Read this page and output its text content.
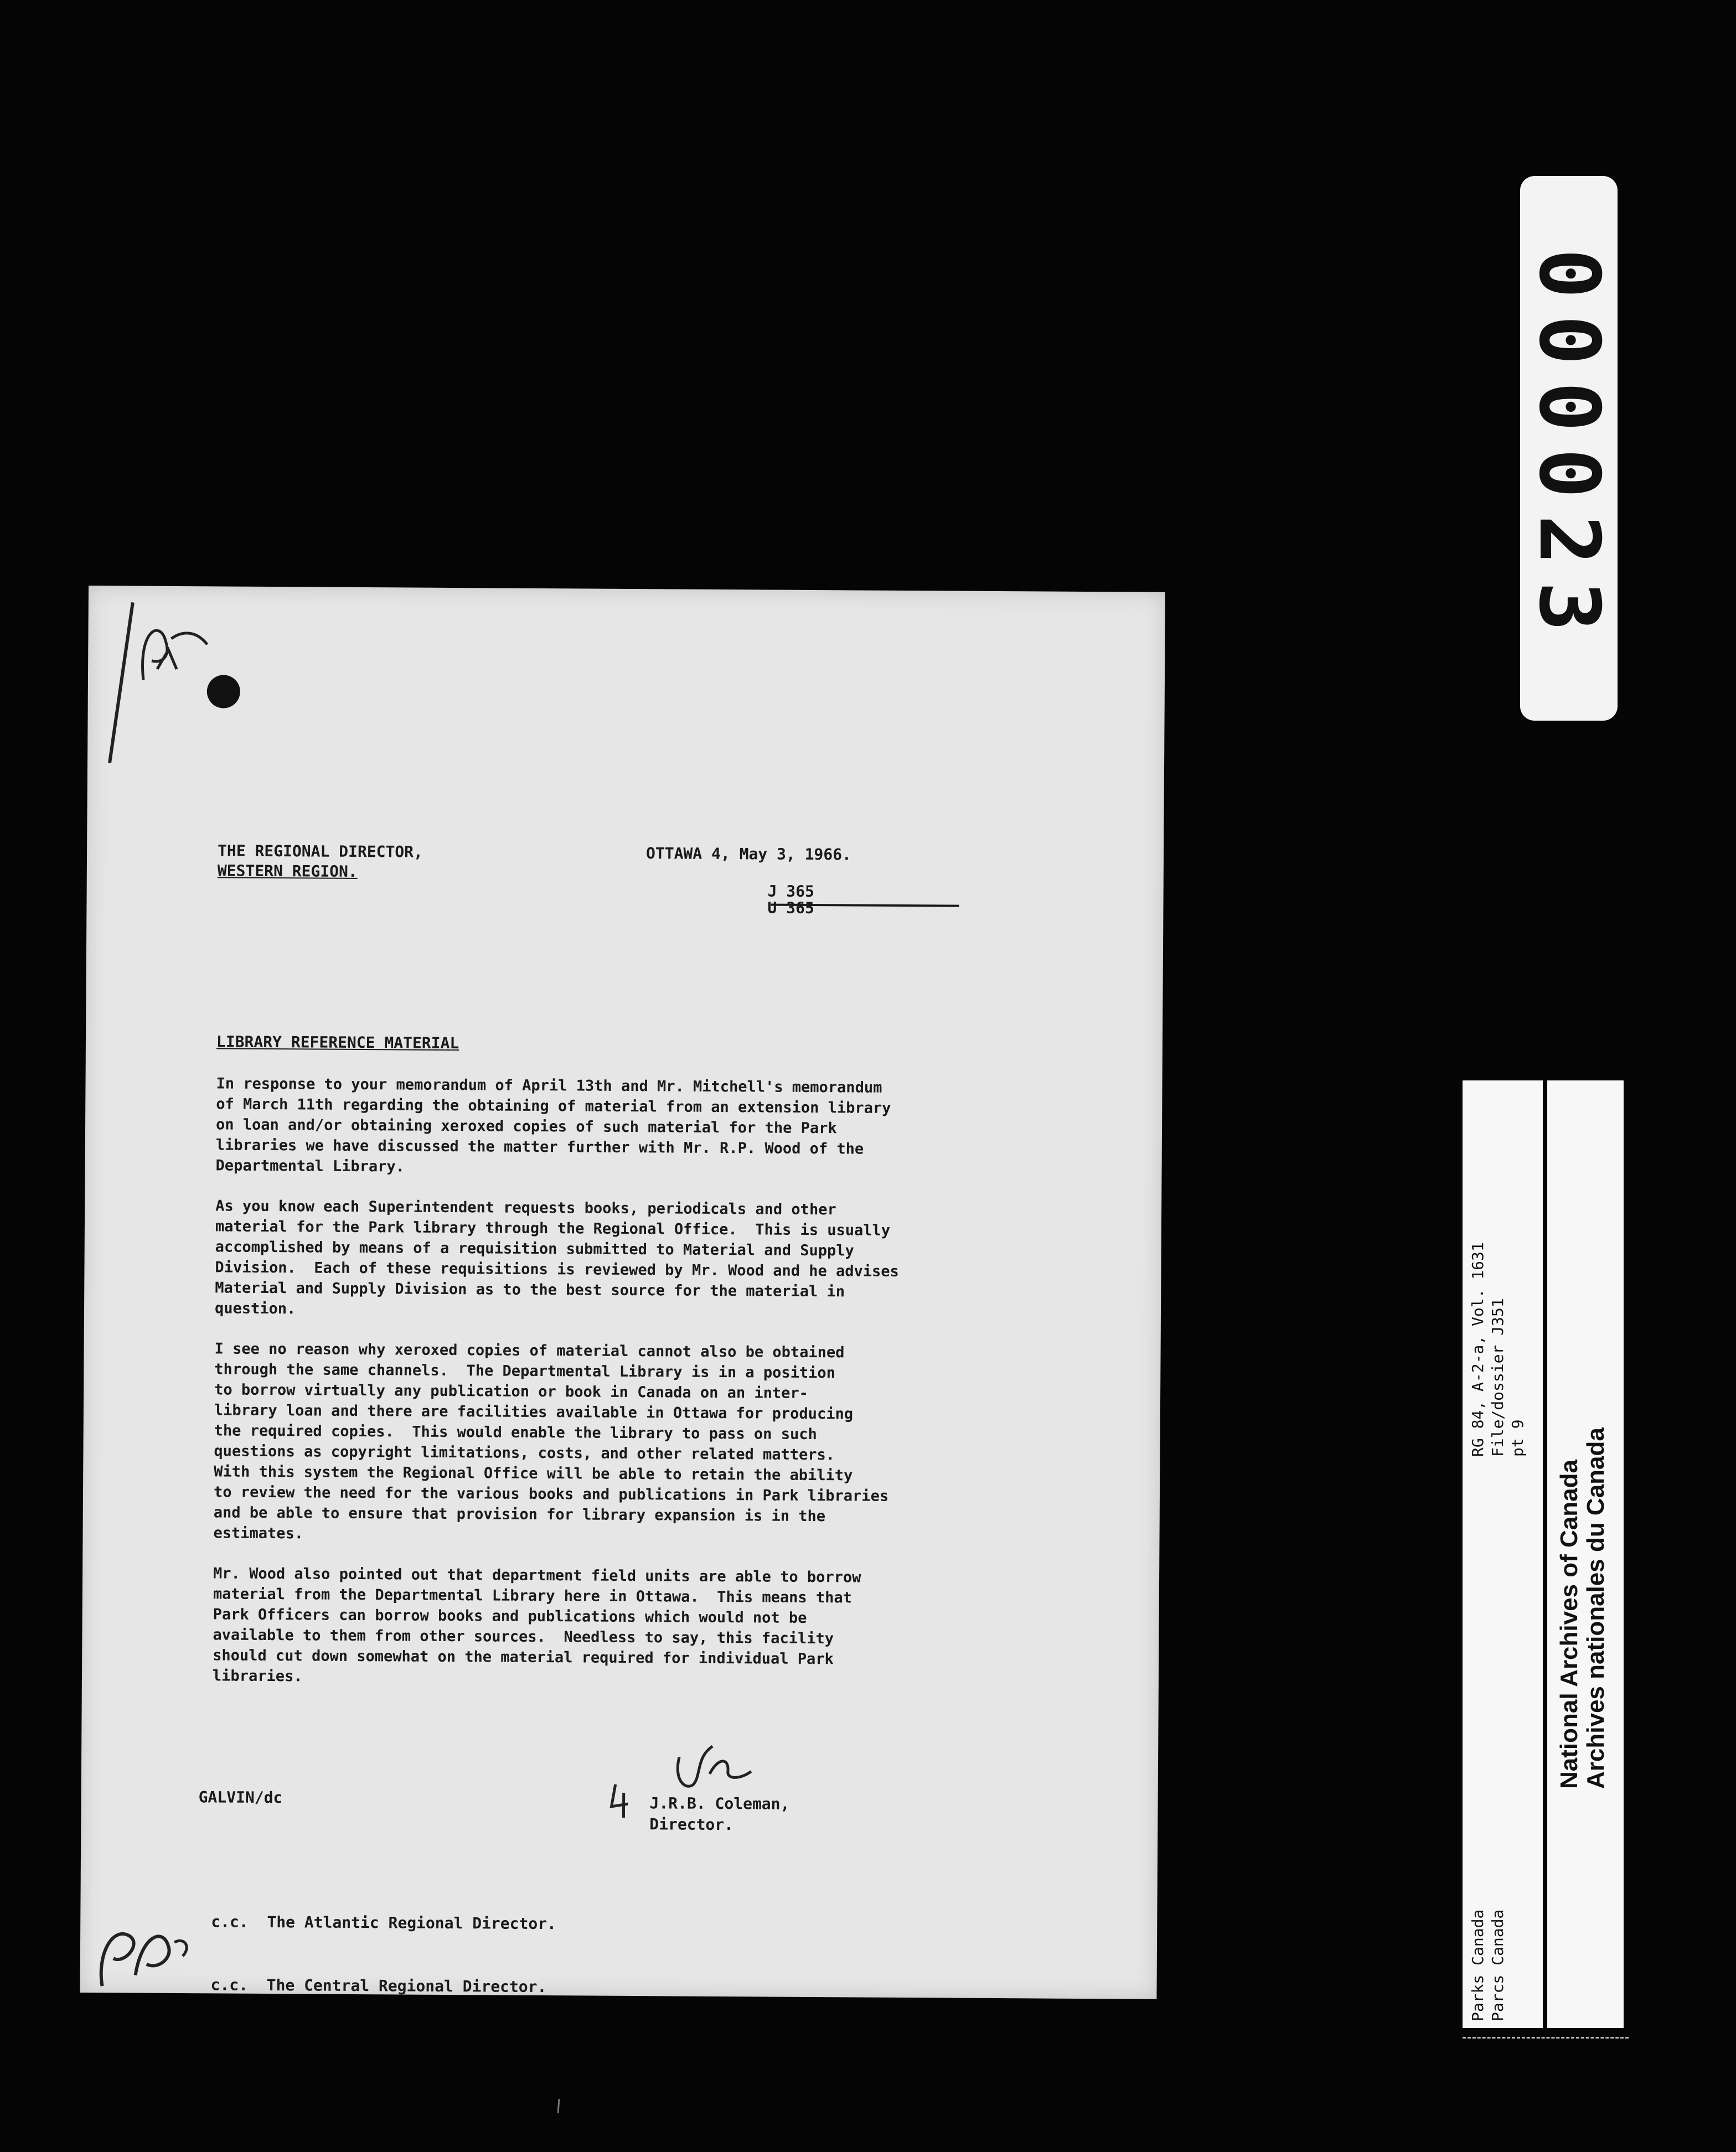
000023
RG 84, A-2-a, Vol. 1631 File/dossier J351 pt 9
Parks Canada Parcs Canada
National Archives of Canada Archives nationales du Canada
THE REGIONAL DIRECTOR,
WESTERN REGION.
OTTAWA 4, May 3, 1966.
J 365
U 365
LIBRARY REFERENCE MATERIAL

In response to your memorandum of April 13th and Mr. Mitchell's memorandum
of March 11th regarding the obtaining of material from an extension library
on loan and/or obtaining xeroxed copies of such material for the Park
libraries we have discussed the matter further with Mr. R.P. Wood of the
Departmental Library.

As you know each Superintendent requests books, periodicals and other
material for the Park library through the Regional Office.  This is usually
accomplished by means of a requisition submitted to Material and Supply
Division.  Each of these requisitions is reviewed by Mr. Wood and he advises
Material and Supply Division as to the best source for the material in
question.

I see no reason why xeroxed copies of material cannot also be obtained
through the same channels.  The Departmental Library is in a position
to borrow virtually any publication or book in Canada on an inter-
library loan and there are facilities available in Ottawa for producing
the required copies.  This would enable the library to pass on such
questions as copyright limitations, costs, and other related matters.
With this system the Regional Office will be able to retain the ability
to review the need for the various books and publications in Park libraries
and be able to ensure that provision for library expansion is in the
estimates.

Mr. Wood also pointed out that department field units are able to borrow
material from the Departmental Library here in Ottawa.  This means that
Park Officers can borrow books and publications which would not be
available to them from other sources.  Needless to say, this facility
should cut down somewhat on the material required for individual Park
libraries.

GALVIN/dc	J.R.B. Coleman,
Director.

c.c.  The Atlantic Regional Director.

c.c.  The Central Regional Director.
